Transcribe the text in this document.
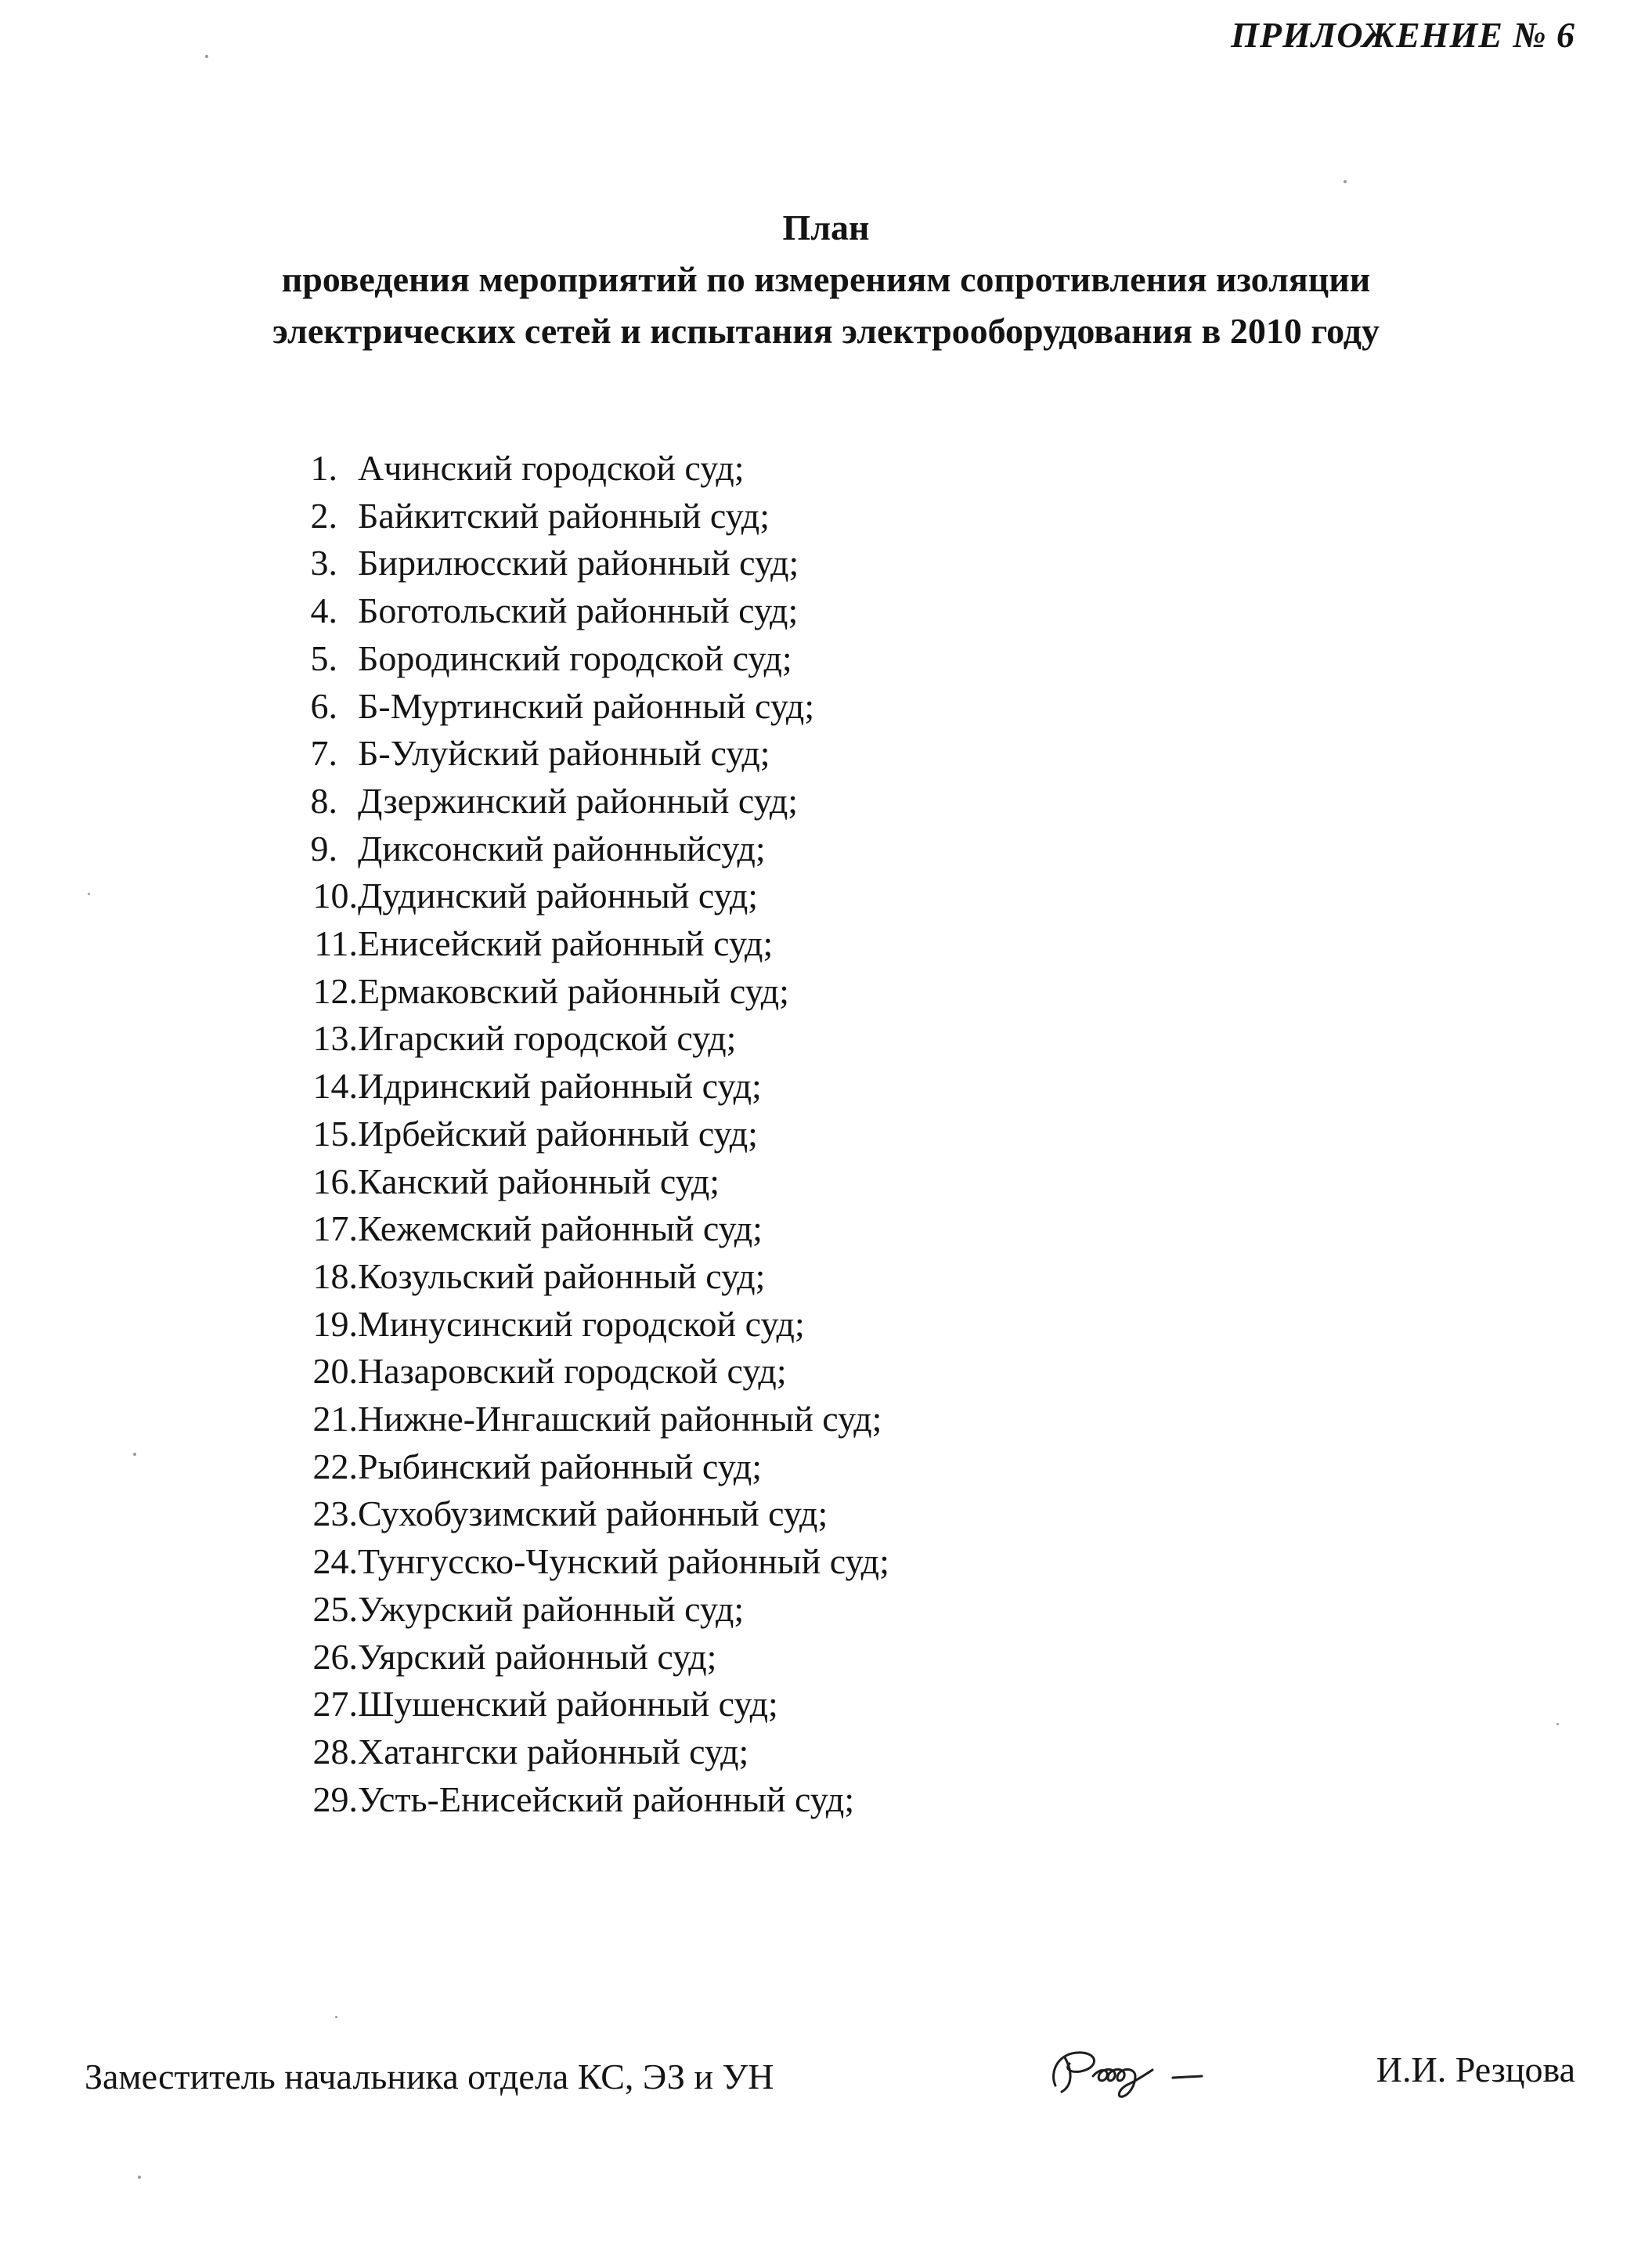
ПРИЛОЖЕНИЕ № 6
План
проведения мероприятий по измерениям сопротивления изоляции
электрических сетей и испытания электрооборудования в 2010 году
1. Ачинский городской суд;
2. Байкитский районный суд;
3. Бирилюсский районный суд;
4. Боготольский районный суд;
5. Бородинский городской суд;
6. Б-Муртинский районный суд;
7. Б-Улуйский районный суд;
8. Дзержинский районный суд;
9. Диксонский районныйсуд;
10. Дудинский районный суд;
11. Енисейский районный суд;
12. Ермаковский районный суд;
13. Игарский городской суд;
14. Идринский районный суд;
15. Ирбейский районный суд;
16. Канский районный суд;
17. Кежемский районный суд;
18. Козульский районный суд;
19. Минусинский городской суд;
20. Назаровский городской суд;
21. Нижне-Ингашский районный суд;
22. Рыбинский районный суд;
23. Сухобузимский районный суд;
24. Тунгусско-Чунский районный суд;
25. Ужурский районный суд;
26. Уярский районный суд;
27. Шушенский районный суд;
28. Хатангски районный суд;
29. Усть-Енисейский районный суд;
Заместитель начальника отдела КС, ЭЗ и УН	И.И. Резцова
